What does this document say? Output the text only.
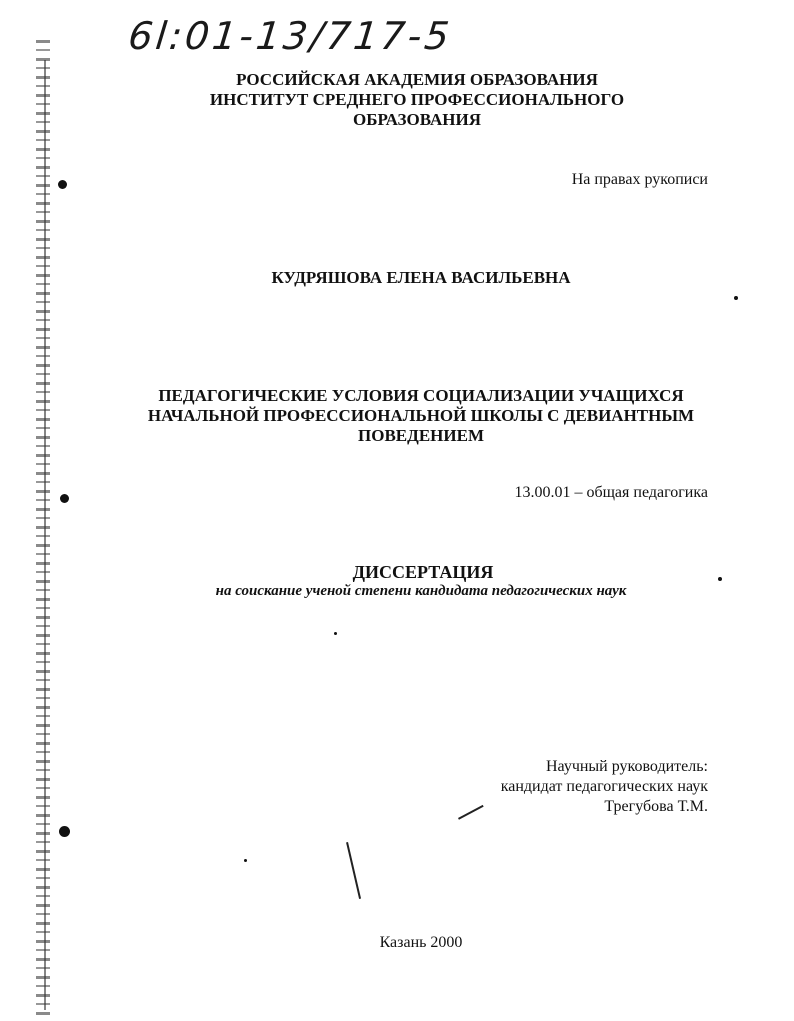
6l:01-13/717-5
РОССИЙСКАЯ АКАДЕМИЯ ОБРАЗОВАНИЯ
ИНСТИТУТ СРЕДНЕГО ПРОФЕССИОНАЛЬНОГО
ОБРАЗОВАНИЯ
На правах рукописи
КУДРЯШОВА ЕЛЕНА ВАСИЛЬЕВНА
ПЕДАГОГИЧЕСКИЕ УСЛОВИЯ СОЦИАЛИЗАЦИИ УЧАЩИХСЯ
НАЧАЛЬНОЙ ПРОФЕССИОНАЛЬНОЙ ШКОЛЫ С ДЕВИАНТНЫМ
ПОВЕДЕНИЕМ
13.00.01 – общая педагогика
ДИССЕРТАЦИЯ
на соискание ученой степени кандидата педагогических наук
Научный руководитель:
кандидат педагогических наук
Трегубова Т.М.
Казань 2000
